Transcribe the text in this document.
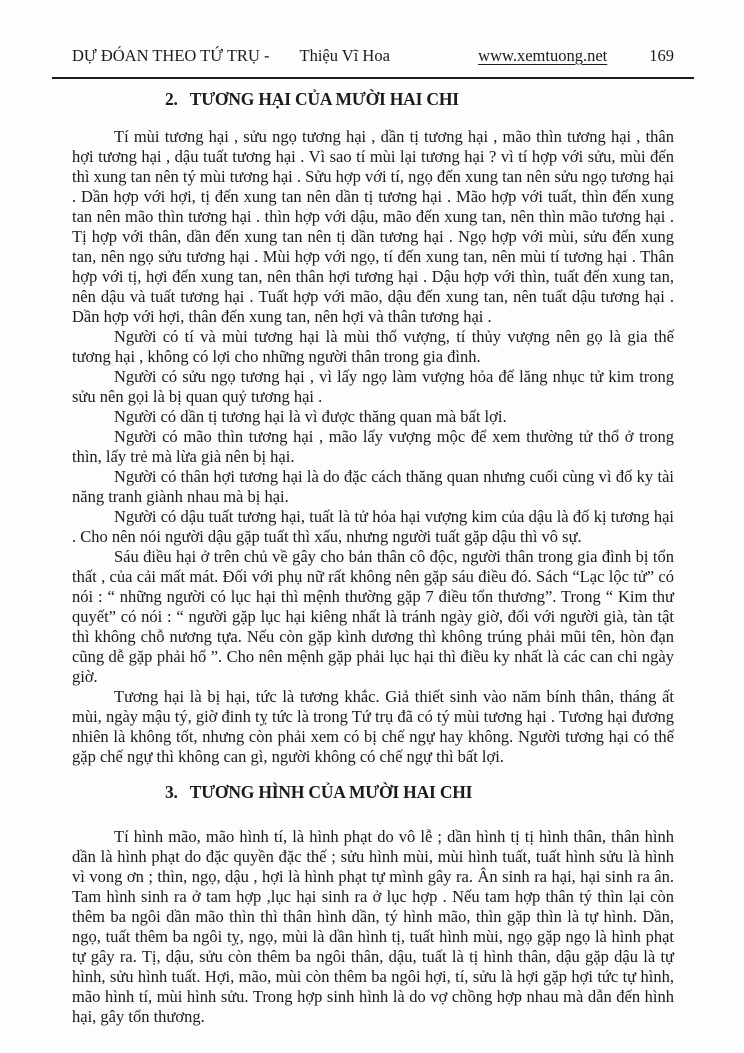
DỰ ĐÓAN THEO TỨ TRỤ - Thiệu Vĩ Hoa	www.xemtuong.net	169
2. TƯƠNG HẠI CỦA MƯỜI HAI CHI

Tí mùi tương hại , sửu ngọ tương hại , dần tị tương hại , mão thìn tương hại , thân hợi tương hại , dậu tuất tương hại . Vì sao tí mùi lại tương hại ? vì tí hợp với sửu, mùi đến thì xung tan nên tý mùi tương hại . Sửu hợp với tí, ngọ đến xung tan nên sửu ngọ tương hại . Dần hợp với hợi, tị đến xung tan nên dần tị tương hại . Mão hợp với tuất, thìn đến xung tan nên mão thìn tương hại . thìn hợp với dậu, mão đến xung tan, nên thìn mão tương hại . Tị hợp với thân, dần đến xung tan nên tị dần tương hại . Ngọ hợp với mùi, sửu đến xung tan, nên ngọ sửu tương hại . Mùi hợp với ngọ, tí đến xung tan, nên mùi tí tương hại . Thân hợp với tị, hợi đến xung tan, nên thân hợi tương hại . Dậu hợp với thìn, tuất đến xung tan, nên dậu và tuất tương hại . Tuất hợp với mão, dậu đến xung tan, nên tuất dậu tương hại . Dần hợp với hợi, thân đến xung tan, nên hợi và thân tương hại .

Người có tí và mùi tương hại là mùi thổ vượng, tí thủy vượng nên gọ là gia thế tương hại , không có lợi cho những người thân trong gia đình.

Người có sửu ngọ tương hại , vì lấy ngọ làm vượng hỏa để lăng nhục tử kim trong sửu nên gọi là bị quan quỷ tương hại .

Người có dần tị tương hại là vì được thăng quan mà bất lợi.

Người có mão thìn tương hại , mão lấy vượng mộc để xem thường tử thổ ở trong thìn, lấy trẻ mà lừa già nên bị hại.

Người có thân hợi tương hại là do đặc cách thăng quan nhưng cuối cùng vì đố ky tài năng tranh giành nhau mà bị hại.

Người có dậu tuất tương hại, tuất là tử hỏa hại vượng kim của dậu là đố kị tương hại . Cho nên nói người dậu gặp tuất thì xấu, nhưng người tuất gặp dậu thì vô sự.

Sáu điều hại ở trên chủ về gây cho bản thân cô độc, người thân trong gia đình bị tổn thất , của cải mất mát. Đối với phụ nữ rất không nên gặp sáu điều đó. Sách “Lạc lộc tử” có nói : “ những người có lục hại thì mệnh thường gặp 7 điều tổn thương”. Trong “ Kim thư quyết” có nói : “ người gặp lục hại kiêng nhất là tránh ngày giờ, đối với người già, tàn tật thì không chỗ nương tựa. Nếu còn gặp kình dương thì không trúng phải mũi tên, hòn đạn cũng dễ gặp phải hổ ”. Cho nên mệnh gặp phải lục hại thì điều ky nhất là các can chi ngày giờ.

Tương hại là bị hại, tức là tương khắc. Giả thiết sinh vào năm bính thân, tháng ất mùi, ngày mậu tý, giờ đinh tỵ tức là trong Tứ trụ đã có tý mùi tương hại . Tương hại đương nhiên là không tốt, nhưng còn phải xem có bị chế ngự hay không. Người tương hại có thể gặp chế ngự thì không can gì, người không có chế ngự thì bất lợi.

3. TƯƠNG HÌNH CỦA MƯỜI HAI CHI

Tí hình mão, mão hình tí, là hình phạt do vô lễ ; dần hình tị tị hình thân, thân hình dần là hình phạt do đặc quyền đặc thế ; sửu hình mùi, mùi hình tuất, tuất hình sửu là hình vì vong ơn ; thìn, ngọ, dậu , hợi là hình phạt tự mình gây ra. Ân sinh ra hại, hại sinh ra ân. Tam hình sinh ra ở tam hợp ,lục hại sinh ra ở lục hợp . Nếu tam hợp thân tý thìn lại còn thêm ba ngôi dần mão thìn thì thân hình dần, tý hình mão, thìn gặp thìn là tự hình. Dần, ngọ, tuất thêm ba ngôi tỵ, ngọ, mùi là dần hình tị, tuất hình mùi, ngọ gặp ngọ là hình phạt tự gây ra. Tị, dậu, sửu còn thêm ba ngôi thân, dậu, tuất là tị hình thân, dậu gặp dậu là tự hình, sửu hình tuất. Hợi, mão, mùi còn thêm ba ngôi hợi, tí, sửu là hợi gặp hợi tức tự hình, mão hình tí, mùi hình sửu. Trong hợp sinh hình là do vợ chồng hợp nhau mà dẫn đến hình hại, gây tổn thương.
